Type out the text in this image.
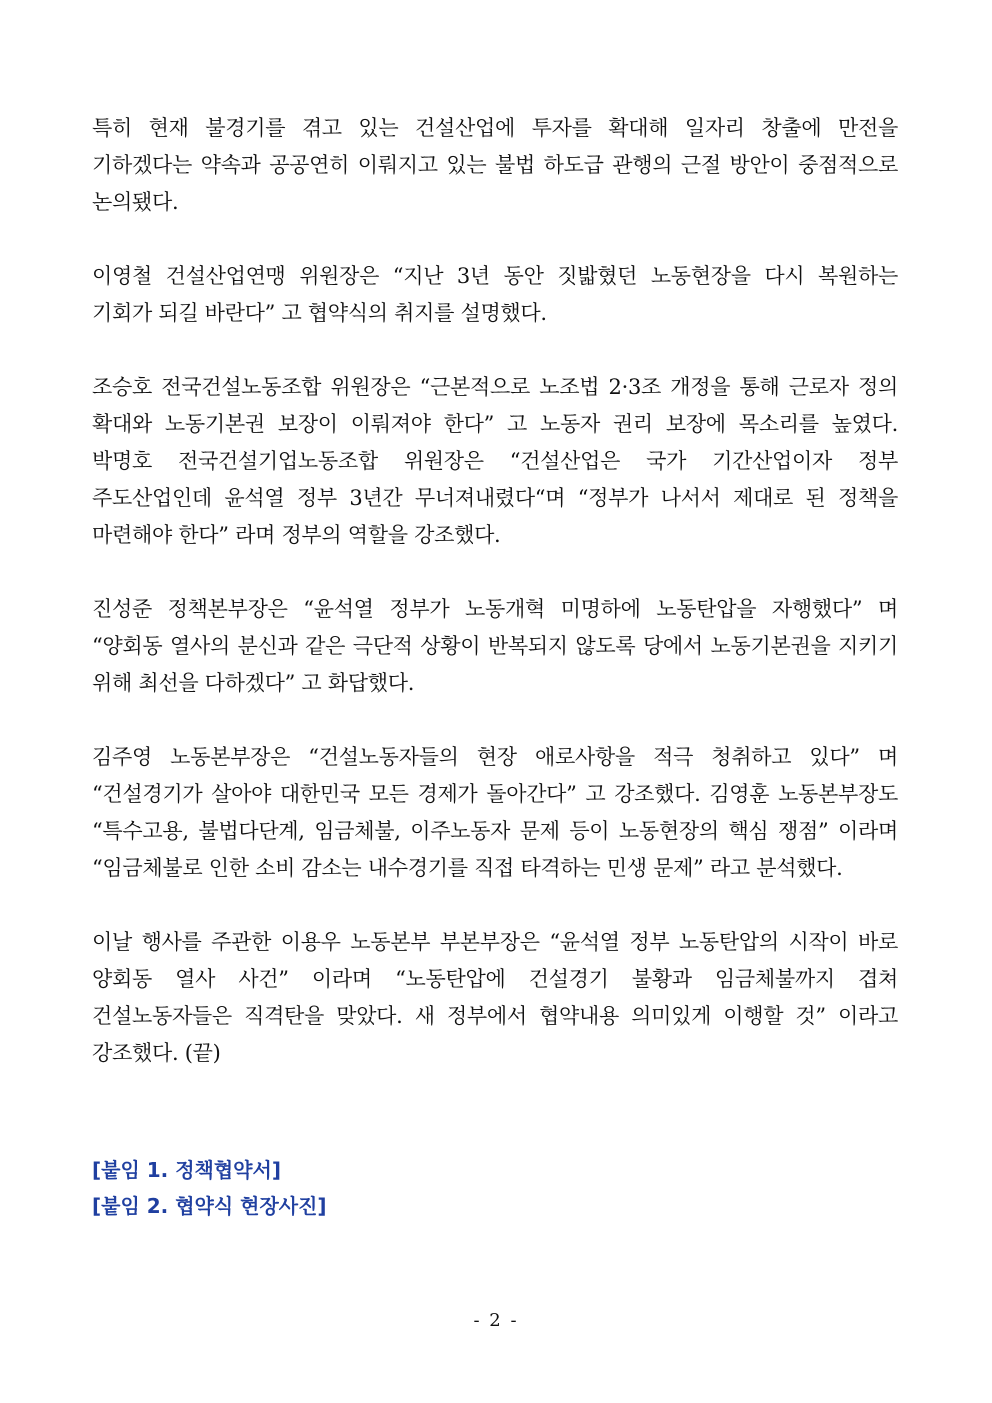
특히 현재 불경기를 겪고 있는 건설산업에 투자를 확대해 일자리 창출에 만전을 기하겠다는 약속과 공공연히 이뤄지고 있는 불법 하도급 관행의 근절 방안이 중점적으로 논의됐다.

이영철 건설산업연맹 위원장은 “지난 3년 동안 짓밟혔던 노동현장을 다시 복원하는 기회가 되길 바란다” 고 협약식의 취지를 설명했다.

조승호 전국건설노동조합 위원장은 “근본적으로 노조법 2·3조 개정을 통해 근로자 정의 확대와 노동기본권 보장이 이뤄져야 한다” 고 노동자 권리 보장에 목소리를 높였다. 박명호 전국건설기업노동조합 위원장은 “건설산업은 국가 기간산업이자 정부 주도산업인데 윤석열 정부 3년간 무너져내렸다“며 “정부가 나서서 제대로 된 정책을 마련해야 한다” 라며 정부의 역할을 강조했다.

진성준 정책본부장은 “윤석열 정부가 노동개혁 미명하에 노동탄압을 자행했다” 며 “양회동 열사의 분신과 같은 극단적 상황이 반복되지 않도록 당에서 노동기본권을 지키기 위해 최선을 다하겠다” 고 화답했다.

김주영 노동본부장은 “건설노동자들의 현장 애로사항을 적극 청취하고 있다” 며 “건설경기가 살아야 대한민국 모든 경제가 돌아간다” 고 강조했다. 김영훈 노동본부장도 “특수고용, 불법다단계, 임금체불, 이주노동자 문제 등이 노동현장의 핵심 쟁점” 이라며 “임금체불로 인한 소비 감소는 내수경기를 직접 타격하는 민생 문제” 라고 분석했다.

이날 행사를 주관한 이용우 노동본부 부본부장은 “윤석열 정부 노동탄압의 시작이 바로 양회동 열사 사건” 이라며 “노동탄압에 건설경기 불황과 임금체불까지 겹쳐 건설노동자들은 직격탄을 맞았다. 새 정부에서 협약내용 의미있게 이행할 것” 이라고 강조했다. (끝)

[붙임 1. 정책협약서]

[붙임 2. 협약식 현장사진]

- 2 -
